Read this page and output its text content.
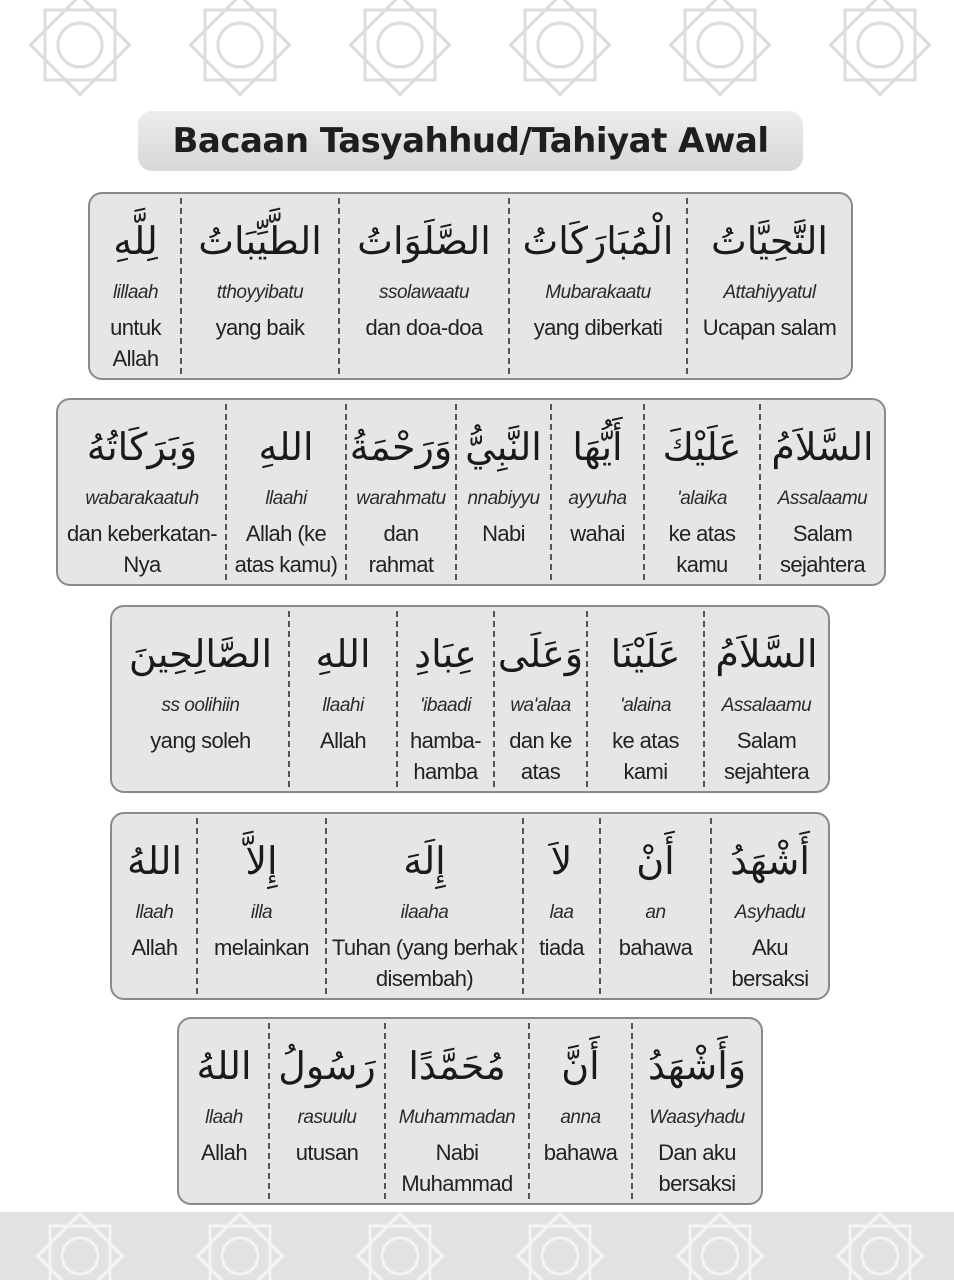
Bacaan Tasyahhud/Tahiyat Awal
التَّحِيَّاتُ
Attahiyyatul
Ucapan salam
الْمُبَارَكَاتُ
Mubarakaatu
yang diberkati
الصَّلَوَاتُ
ssolawaatu
dan doa-doa
الطَّيِّبَاتُ
tthoyyibatu
yang baik
لِلَّهِ
lillaah
untuk Allah
السَّلاَمُ
Assalaamu
Salam sejahtera
عَلَيْكَ
'alaika
ke atas kamu
أَيُّهَا
ayyuha
wahai
النَّبِيُّ
nnabiyyu
Nabi
وَرَحْمَةُ
warahmatu
dan rahmat
اللهِ
llaahi
Allah (ke atas kamu)
وَبَرَكَاتُهُ
wabarakaatuh
dan keberkatan-Nya
السَّلاَمُ
Assalaamu
Salam sejahtera
عَلَيْنَا
'alaina
ke atas kami
وَعَلَى
wa'alaa
dan ke atas
عِبَادِ
'ibaadi
hamba-hamba
اللهِ
llaahi
Allah
الصَّالِحِينَ
ss oolihiin
yang soleh
أَشْهَدُ
Asyhadu
Aku bersaksi
أَنْ
an
bahawa
لاَ
laa
tiada
إِلَهَ
ilaaha
Tuhan (yang berhak disembah)
إِلاَّ
illa
melainkan
اللهُ
llaah
Allah
وَأَشْهَدُ
Waasyhadu
Dan aku bersaksi
أَنَّ
anna
bahawa
مُحَمَّدًا
Muhammadan
Nabi Muhammad
رَسُولُ
rasuulu
utusan
اللهُ
llaah
Allah
